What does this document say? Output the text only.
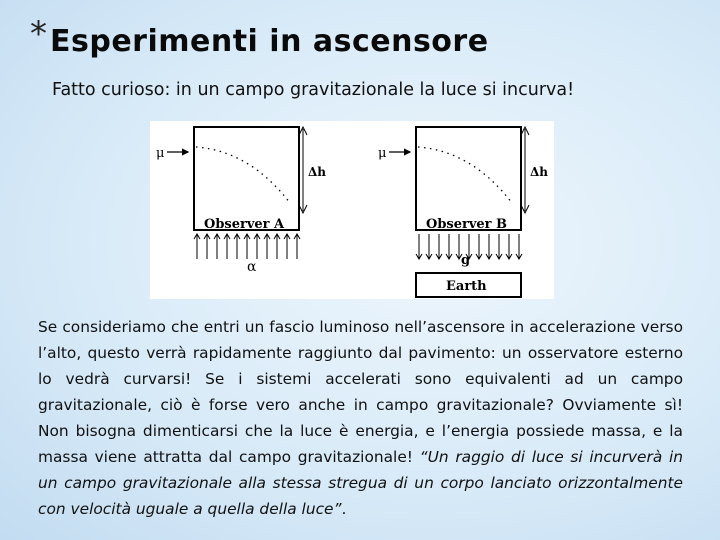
* Esperimenti in ascensore
Fatto curioso: in un campo gravitazionale la luce si incurva!
μ
Δh
Observer A
α
μ
Δh
Observer B
g
Earth
Se consideriamo che entri un fascio luminoso nell’ascensore in accelerazione verso l’alto, questo verrà rapidamente raggiunto dal pavimento: un osservatore esterno lo vedrà curvarsi! Se i sistemi accelerati sono equivalenti ad un campo gravitazionale, ciò è forse vero anche in campo gravitazionale? Ovviamente sì! Non bisogna dimenticarsi che la luce è energia, e l’energia possiede massa, e la massa viene attratta dal campo gravitazionale! “Un raggio di luce si incurverà in un campo gravitazionale alla stessa stregua di un corpo lanciato orizzontalmente con velocità uguale a quella della luce”.
